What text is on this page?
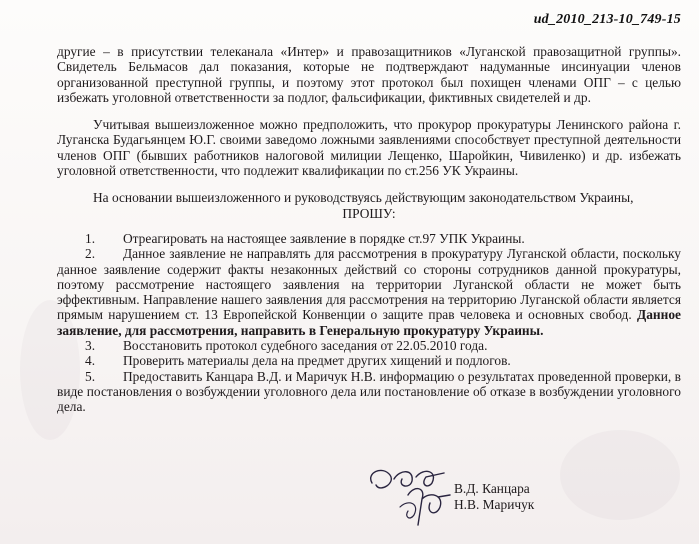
ud_2010_213-10_749-15

другие – в присутствии телеканала «Интер» и правозащитников «Луганской правозащитной группы». Свидетель Бельмасов дал показания, которые не подтверждают надуманные инсинуации членов организованной преступной группы, и поэтому этот протокол был похищен членами ОПГ – с целью избежать уголовной ответственности за подлог, фальсификации, фиктивных свидетелей и др.

Учитывая вышеизложенное можно предположить, что прокурор прокуратуры Ленинского района г. Луганска Будагьянцем Ю.Г. своими заведомо ложными заявлениями способствует преступной деятельности членов ОПГ (бывших работников налоговой милиции Лещенко, Шаройкин, Чивиленко) и др. избежать уголовной ответственности, что подлежит квалификации по ст.256 УК Украины.

На основании вышеизложенного и руководствуясь действующим законодательством Украины,

ПРОШУ:

1. Отреагировать на настоящее заявление в порядке ст.97 УПК Украины.
2. Данное заявление не направлять для рассмотрения в прокуратуру Луганской области, поскольку данное заявление содержит факты незаконных действий со стороны сотрудников данной прокуратуры, поэтому рассмотрение настоящего заявления на территории Луганской области не может быть эффективным. Направление нашего заявления для рассмотрения на территорию Луганской области является прямым нарушением ст. 13 Европейской Конвенции о защите прав человека и основных свобод. Данное заявление, для рассмотрения, направить в Генеральную прокуратуру Украины.
3. Восстановить протокол судебного заседания от 22.05.2010 года.
4. Проверить материалы дела на предмет других хищений и подлогов.
5. Предоставить Канцара В.Д. и Маричук Н.В. информацию о результатах проведенной проверки, в виде постановления о возбуждении уголовного дела или постановление об отказе в возбуждении уголовного дела.
В.Д. Канцара
Н.В. Маричук
